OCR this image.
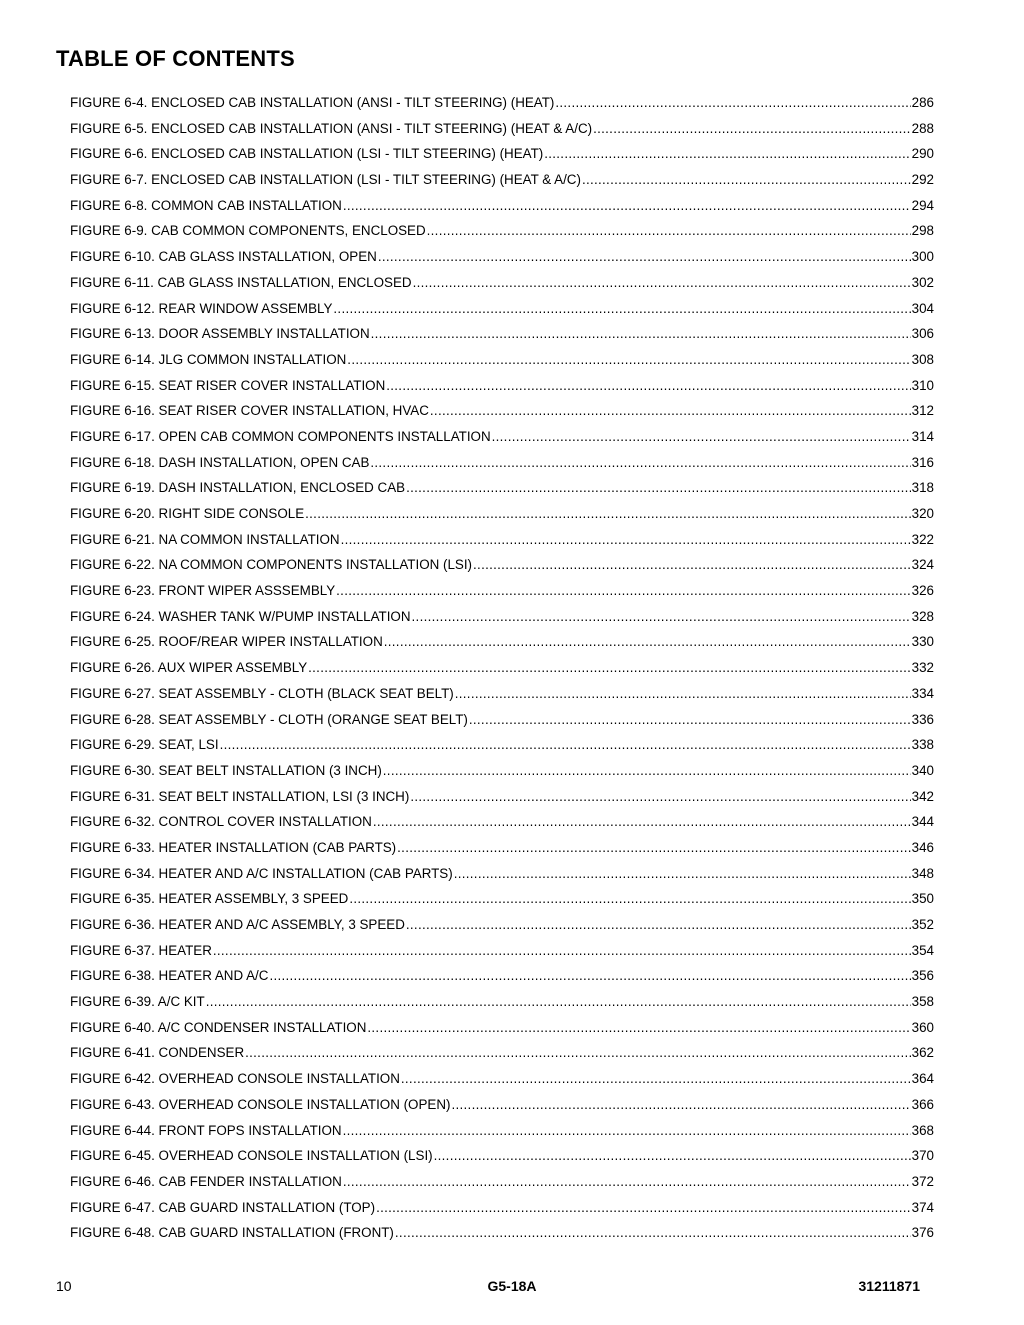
TABLE OF CONTENTS
FIGURE 6-4. ENCLOSED CAB INSTALLATION (ANSI - TILT STEERING) (HEAT) .....	286
FIGURE 6-5. ENCLOSED CAB INSTALLATION (ANSI - TILT STEERING) (HEAT & A/C) .....	288
FIGURE 6-6. ENCLOSED CAB INSTALLATION (LSI - TILT STEERING) (HEAT) .....	290
FIGURE 6-7. ENCLOSED CAB INSTALLATION (LSI - TILT STEERING) (HEAT & A/C) .....	292
FIGURE 6-8. COMMON CAB INSTALLATION .....	294
FIGURE 6-9. CAB COMMON COMPONENTS, ENCLOSED .....	298
FIGURE 6-10. CAB GLASS INSTALLATION, OPEN .....	300
FIGURE 6-11. CAB GLASS INSTALLATION, ENCLOSED .....	302
FIGURE 6-12. REAR WINDOW ASSEMBLY .....	304
FIGURE 6-13. DOOR ASSEMBLY INSTALLATION .....	306
FIGURE 6-14. JLG COMMON INSTALLATION .....	308
FIGURE 6-15. SEAT RISER COVER INSTALLATION .....	310
FIGURE 6-16. SEAT RISER COVER INSTALLATION, HVAC .....	312
FIGURE 6-17. OPEN CAB COMMON COMPONENTS INSTALLATION .....	314
FIGURE 6-18. DASH INSTALLATION, OPEN CAB .....	316
FIGURE 6-19. DASH INSTALLATION, ENCLOSED CAB .....	318
FIGURE 6-20. RIGHT SIDE CONSOLE .....	320
FIGURE 6-21. NA COMMON INSTALLATION .....	322
FIGURE 6-22. NA COMMON COMPONENTS INSTALLATION (LSI) .....	324
FIGURE 6-23. FRONT WIPER ASSSEMBLY .....	326
FIGURE 6-24. WASHER TANK W/PUMP INSTALLATION .....	328
FIGURE 6-25. ROOF/REAR WIPER INSTALLATION .....	330
FIGURE 6-26. AUX WIPER ASSEMBLY .....	332
FIGURE 6-27. SEAT ASSEMBLY - CLOTH (BLACK SEAT BELT) .....	334
FIGURE 6-28. SEAT ASSEMBLY - CLOTH (ORANGE SEAT BELT) .....	336
FIGURE 6-29. SEAT, LSI .....	338
FIGURE 6-30. SEAT BELT INSTALLATION (3 INCH) .....	340
FIGURE 6-31. SEAT BELT INSTALLATION, LSI (3 INCH) .....	342
FIGURE 6-32. CONTROL COVER INSTALLATION .....	344
FIGURE 6-33. HEATER INSTALLATION (CAB PARTS) .....	346
FIGURE 6-34. HEATER AND A/C INSTALLATION (CAB PARTS) .....	348
FIGURE 6-35. HEATER ASSEMBLY, 3 SPEED .....	350
FIGURE 6-36. HEATER AND A/C ASSEMBLY, 3 SPEED .....	352
FIGURE 6-37. HEATER .....	354
FIGURE 6-38. HEATER AND A/C .....	356
FIGURE 6-39. A/C KIT .....	358
FIGURE 6-40. A/C CONDENSER INSTALLATION .....	360
FIGURE 6-41. CONDENSER .....	362
FIGURE 6-42. OVERHEAD CONSOLE INSTALLATION .....	364
FIGURE 6-43. OVERHEAD CONSOLE INSTALLATION (OPEN) .....	366
FIGURE 6-44. FRONT FOPS INSTALLATION .....	368
FIGURE 6-45. OVERHEAD CONSOLE INSTALLATION (LSI) .....	370
FIGURE 6-46. CAB FENDER INSTALLATION .....	372
FIGURE 6-47. CAB GUARD INSTALLATION (TOP) .....	374
FIGURE 6-48. CAB GUARD INSTALLATION (FRONT) .....	376
10	G5-18A	31211871
